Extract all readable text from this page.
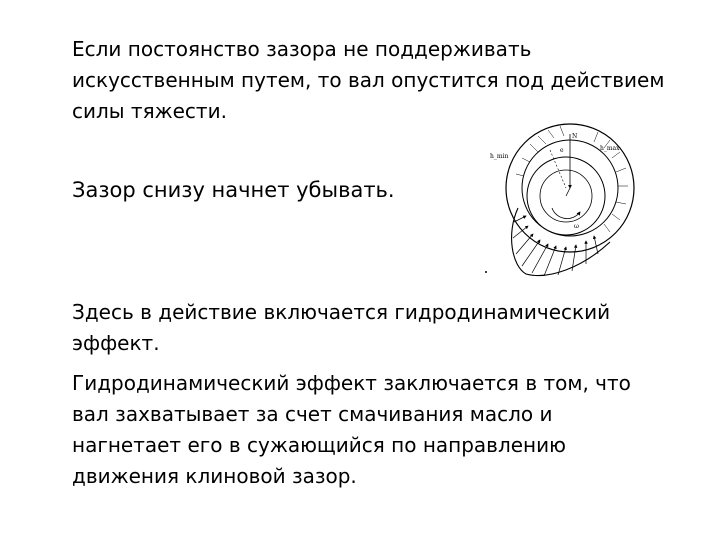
Если постоянство зазора не поддерживать искусственным путем, то вал опустится под действием силы тяжести.

Зазор снизу начнет убывать.

Здесь в действие включается гидродинамический эффект.

Гидродинамический эффект заключается в том, что вал захватывает за счет смачивания масло и нагнетает его в сужающийся по направлению движения клиновой зазор.

N
e
ω
h_min
h_max
